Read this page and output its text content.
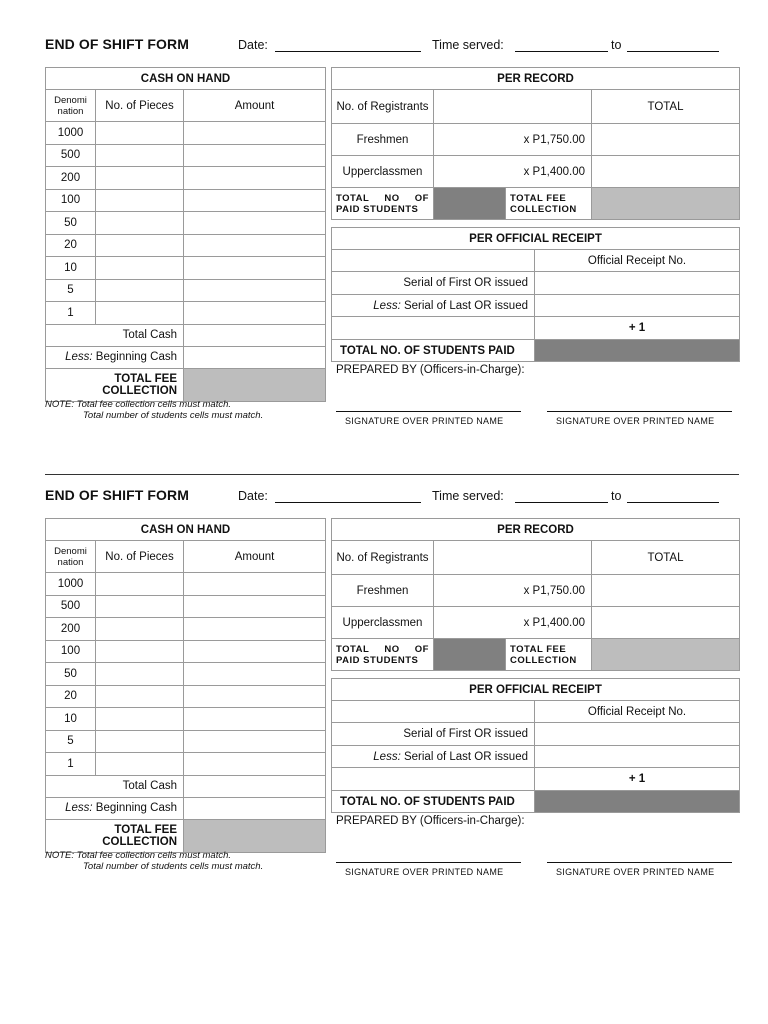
END OF SHIFT FORM	Date:	Time served:	to
CASH ON HAND		
Denomi nation	No. of Pieces	Amount
1000		
500		
200		
100		
50		
20		
10		
5		
1		
Total Cash		
Less: Beginning Cash		
TOTAL FEE COLLECTION		
PER RECORD			
No. of Registrants			TOTAL
Freshmen	x P1,750.00		
Upperclassmen	x P1,400.00		
TOTAL NO OF PAID STUDENTS		TOTAL FEE COLLECTION	
PER OFFICIAL RECEIPT	
	Official Receipt No.
Serial of First OR issued	
Less: Serial of Last OR issued	
	+ 1
TOTAL NO. OF STUDENTS PAID	
NOTE: Total fee collection cells must match.
Total number of students cells must match.
PREPARED BY (Officers-in-Charge):
SIGNATURE OVER PRINTED NAME	SIGNATURE OVER PRINTED NAME
END OF SHIFT FORM	Date:	Time served:	to
CASH ON HAND		
Denomi nation	No. of Pieces	Amount
1000		
500		
200		
100		
50		
20		
10		
5		
1		
Total Cash		
Less: Beginning Cash		
TOTAL FEE COLLECTION		
PER RECORD			
No. of Registrants			TOTAL
Freshmen	x P1,750.00		
Upperclassmen	x P1,400.00		
TOTAL NO OF PAID STUDENTS		TOTAL FEE COLLECTION	
PER OFFICIAL RECEIPT	
	Official Receipt No.
Serial of First OR issued	
Less: Serial of Last OR issued	
	+ 1
TOTAL NO. OF STUDENTS PAID	
NOTE: Total fee collection cells must match.
Total number of students cells must match.
PREPARED BY (Officers-in-Charge):
SIGNATURE OVER PRINTED NAME	SIGNATURE OVER PRINTED NAME
